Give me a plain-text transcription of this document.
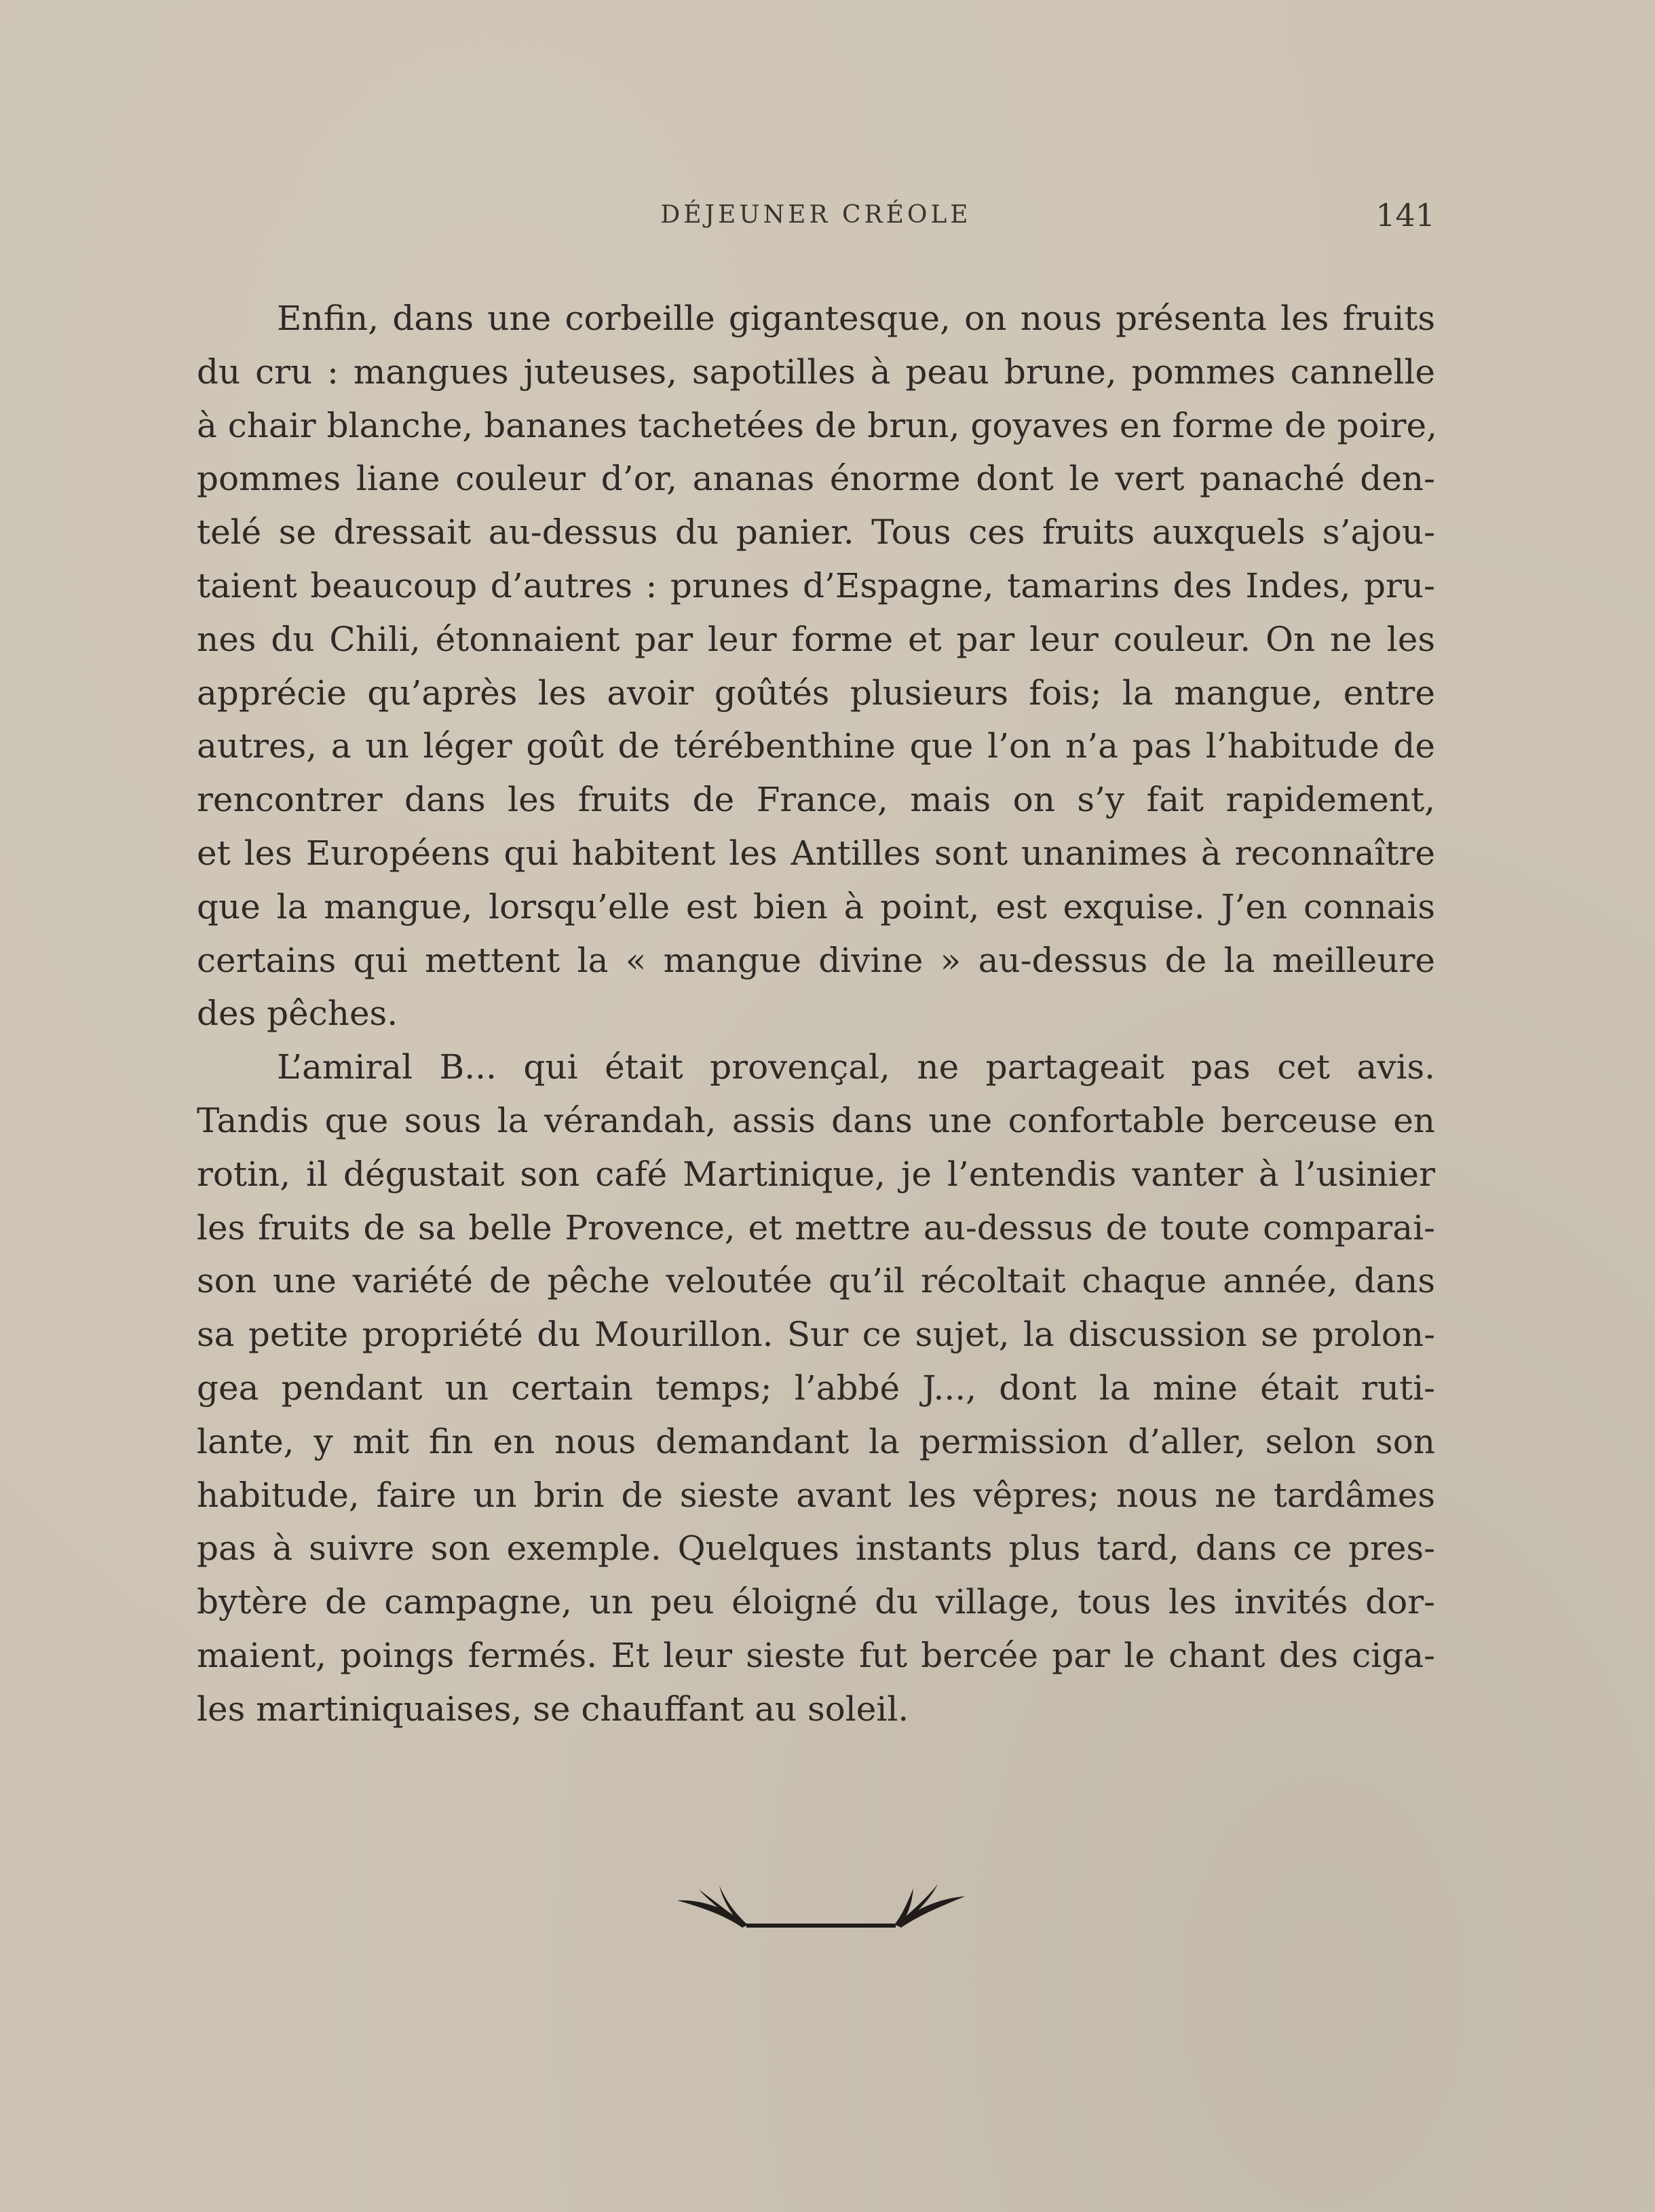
DÉJEUNER CRÉOLE	141
Enfin, dans une corbeille gigantesque, on nous présenta les fruits
du cru : mangues juteuses, sapotilles à peau brune, pommes cannelle
à chair blanche, bananes tachetées de brun, goyaves en forme de poire,
pommes liane couleur d’or, ananas énorme dont le vert panaché den-
telé se dressait au-dessus du panier. Tous ces fruits auxquels s’ajou-
taient beaucoup d’autres : prunes d’Espagne, tamarins des Indes, pru-
nes du Chili, étonnaient par leur forme et par leur couleur. On ne les
apprécie qu’après les avoir goûtés plusieurs fois; la mangue, entre
autres, a un léger goût de térébenthine que l’on n’a pas l’habitude de
rencontrer dans les fruits de France, mais on s’y fait rapidement,
et les Européens qui habitent les Antilles sont unanimes à reconnaître
que la mangue, lorsqu’elle est bien à point, est exquise. J’en connais
certains qui mettent la « mangue divine » au-dessus de la meilleure
des pêches.
L’amiral B... qui était provençal, ne partageait pas cet avis.
Tandis que sous la vérandah, assis dans une confortable berceuse en
rotin, il dégustait son café Martinique, je l’entendis vanter à l’usinier
les fruits de sa belle Provence, et mettre au-dessus de toute comparai-
son une variété de pêche veloutée qu’il récoltait chaque année, dans
sa petite propriété du Mourillon. Sur ce sujet, la discussion se prolon-
gea pendant un certain temps; l’abbé J..., dont la mine était ruti-
lante, y mit fin en nous demandant la permission d’aller, selon son
habitude, faire un brin de sieste avant les vêpres; nous ne tardâmes
pas à suivre son exemple. Quelques instants plus tard, dans ce pres-
bytère de campagne, un peu éloigné du village, tous les invités dor-
maient, poings fermés. Et leur sieste fut bercée par le chant des ciga-
les martiniquaises, se chauffant au soleil.
